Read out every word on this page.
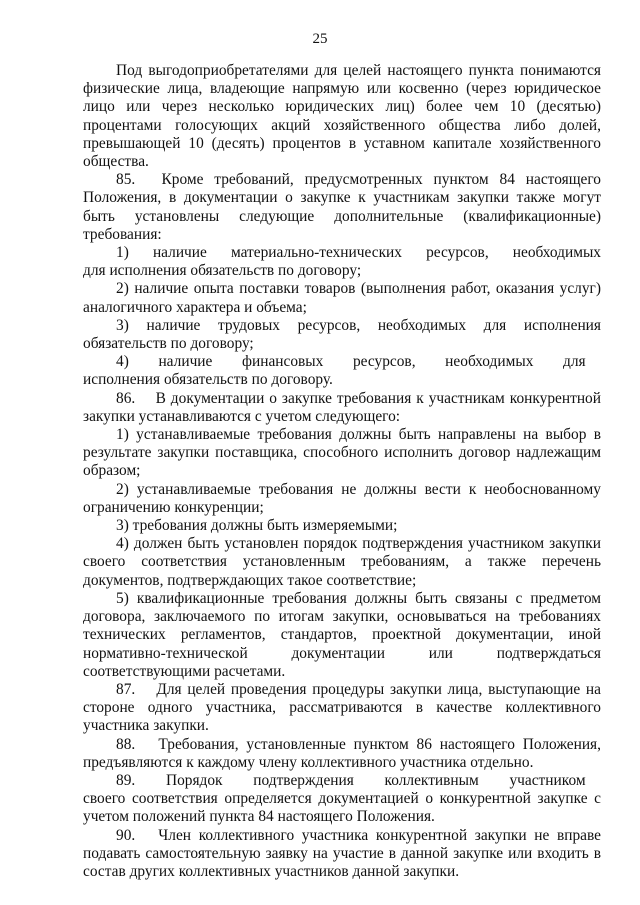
25

Под выгодоприобретателями для целей настоящего пункта понимаются физические лица, владеющие напрямую или косвенно (через юридическое лицо или через несколько юридических лиц) более чем 10 (десятью) процентами голосующих акций хозяйственного общества либо долей, превышающей 10 (десять) процентов в уставном капитале хозяйственного общества.

85.  Кроме требований, предусмотренных пунктом 84 настоящего Положения, в документации о закупке к участникам закупки также могут быть установлены следующие дополнительные (квалификационные) требования:

1)  наличие  материально-технических  ресурсов,  необходимых для исполнения обязательств по договору;

2) наличие опыта поставки товаров (выполнения работ, оказания услуг) аналогичного характера и объема;

3) наличие трудовых ресурсов, необходимых для исполнения обязательств по договору;

4)  наличие  финансовых  ресурсов,  необходимых  для  исполнения обязательств по договору.

86.  В документации о закупке требования к участникам конкурентной закупки устанавливаются с учетом следующего:

1) устанавливаемые требования должны быть направлены на выбор в результате закупки поставщика, способного исполнить договор надлежащим образом;

2) устанавливаемые требования не должны вести к необоснованному ограничению конкуренции;

3) требования должны быть измеряемыми;

4) должен быть установлен порядок подтверждения участником закупки своего соответствия установленным требованиям, а также перечень документов, подтверждающих такое соответствие;

5) квалификационные требования должны быть связаны с предметом договора, заключаемого по итогам закупки, основываться на требованиях технических регламентов, стандартов, проектной документации, иной нормативно-технической документации или подтверждаться соответствующими расчетами.

87.  Для целей проведения процедуры закупки лица, выступающие на стороне одного участника, рассматриваются в качестве коллективного участника закупки.

88.  Требования, установленные пунктом 86 настоящего Положения, предъявляются к каждому члену коллективного участника отдельно.

89.  Порядок  подтверждения  коллективным  участником  своего соответствия определяется документацией о конкурентной закупке с учетом положений пункта 84 настоящего Положения.

90.  Член коллективного участника конкурентной закупки не вправе подавать самостоятельную заявку на участие в данной закупке или входить в состав других коллективных участников данной закупки.
